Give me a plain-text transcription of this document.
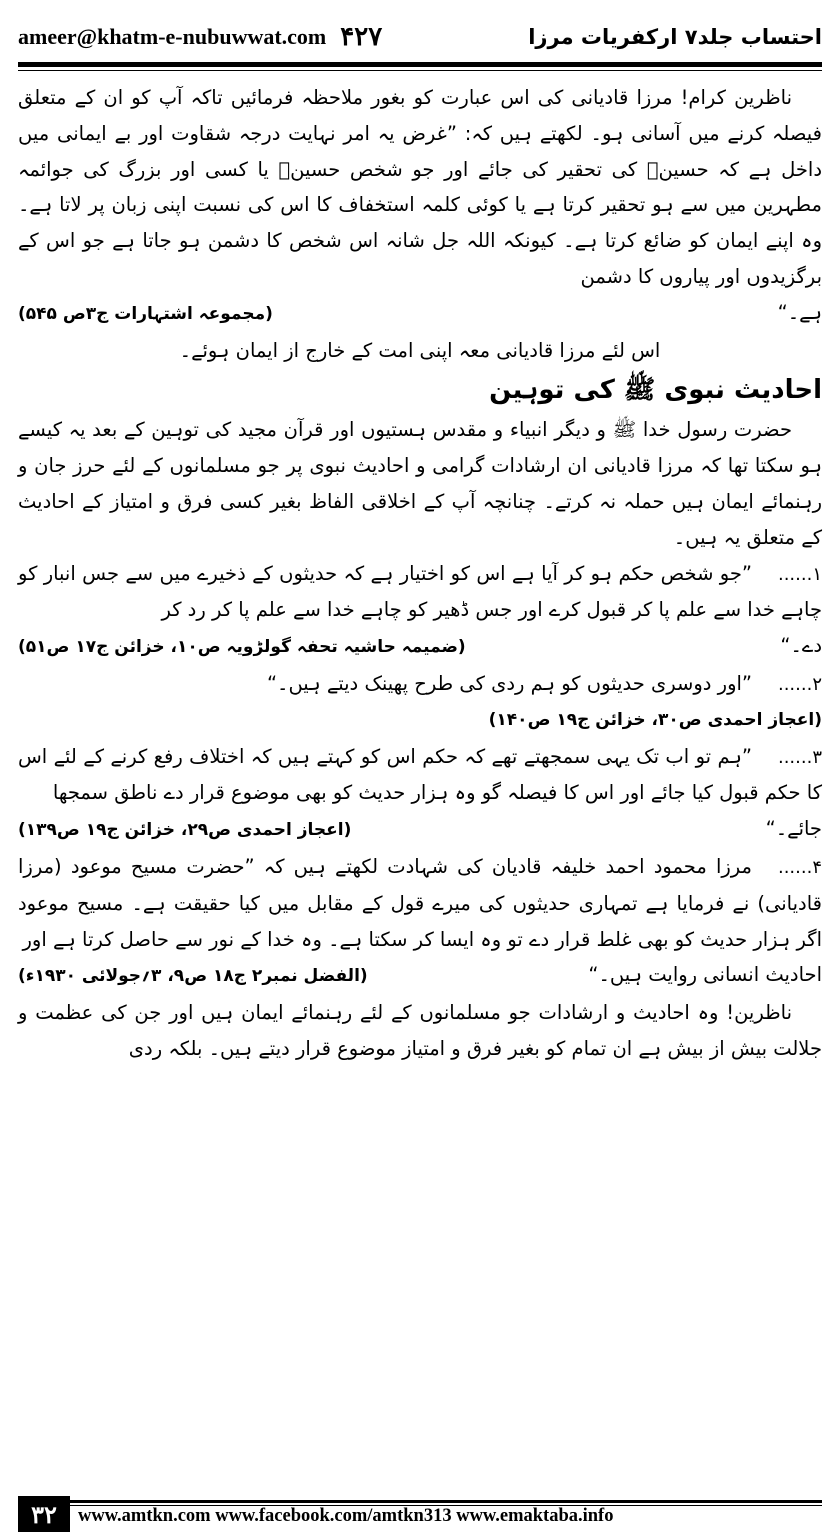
ameer@khatm-e-nubuwwat.com ۴۲۷	احتساب جلد۷ ارکفریات مرزا

ناظرین کرام! مرزا قادیانی کی اس عبارت کو بغور ملاحظہ فرمائیں تاکہ آپ کو ان کے متعلق فیصلہ کرنے میں آسانی ہو۔ لکھتے ہیں کہ: ”غرض یہ امر نہایت درجہ شقاوت اور بے ایمانی میں داخل ہے کہ حسینؓ کی تحقیر کی جائے اور جو شخص حسینؓ یا کسی اور بزرگ کی جوائمہ مطہرین میں سے ہو تحقیر کرتا ہے یا کوئی کلمہ استخفاف کا اس کی نسبت اپنی زبان پر لاتا ہے۔ وہ اپنے ایمان کو ضائع کرتا ہے۔ کیونکہ اللہ جل شانہ اس شخص کا دشمن ہو جاتا ہے جو اس کے برگزیدوں اور پیاروں کا دشمن

ہے۔“
(مجموعہ اشتہارات ج۳ص ۵۴۵)

اس لئے مرزا قادیانی معہ اپنی امت کے خارج از ایمان ہوئے۔

احادیث نبوی ﷺ کی توہین

حضرت رسول خدا ﷺ و دیگر انبیاء و مقدس ہستیوں اور قرآن مجید کی توہین کے بعد یہ کیسے ہو سکتا تھا کہ مرزا قادیانی ان ارشادات گرامی و احادیث نبوی پر جو مسلمانوں کے لئے حرز جان و رہنمائے ایمان ہیں حملہ نہ کرتے۔ چنانچہ آپ کے اخلاقی الفاظ بغیر کسی فرق و امتیاز کے احادیث کے متعلق یہ ہیں۔

۱......”جو شخص حکم ہو کر آیا ہے اس کو اختیار ہے کہ حدیثوں کے ذخیرے میں سے جس انبار کو چاہے خدا سے علم پا کر قبول کرے اور جس ڈھیر کو چاہے خدا سے علم پا کر رد کر

دے۔“
(ضمیمہ حاشیہ تحفہ گولڑویہ ص۱۰، خزائن ج۱۷ ص۵۱)

۲......”اور دوسری حدیثوں کو ہم ردی کی طرح پھینک دیتے ہیں۔“

(اعجاز احمدی ص۳۰، خزائن ج۱۹ ص۱۴۰)

۳......”ہم تو اب تک یہی سمجھتے تھے کہ حکم اس کو کہتے ہیں کہ اختلاف رفع کرنے کے لئے اس کا حکم قبول کیا جائے اور اس کا فیصلہ گو وہ ہزار حدیث کو بھی موضوع قرار دے ناطق سمجھا

جائے۔“
(اعجاز احمدی ص۲۹، خزائن ج۱۹ ص۱۳۹)

۴......مرزا محمود احمد خلیفہ قادیان کی شہادت لکھتے ہیں کہ ”حضرت مسیح موعود (مرزا قادیانی) نے فرمایا ہے تمہاری حدیثوں کی میرے قول کے مقابل میں کیا حقیقت ہے۔ مسیح موعود اگر ہزار حدیث کو بھی غلط قرار دے تو وہ ایسا کر سکتا ہے۔ وہ خدا کے نور سے حاصل کرتا ہے اور

احادیث انسانی روایت ہیں۔“
(الفضل نمبر۲ ج۱۸ ص۹، ۳؍جولائی ۱۹۳۰ء)

ناظرین! وہ احادیث و ارشادات جو مسلمانوں کے لئے رہنمائے ایمان ہیں اور جن کی عظمت و جلالت بیش از بیش ہے ان تمام کو بغیر فرق و امتیاز موضوع قرار دیتے ہیں۔ بلکہ ردی

۳۲	www.amtkn.com www.facebook.com/amtkn313 www.emaktaba.info
